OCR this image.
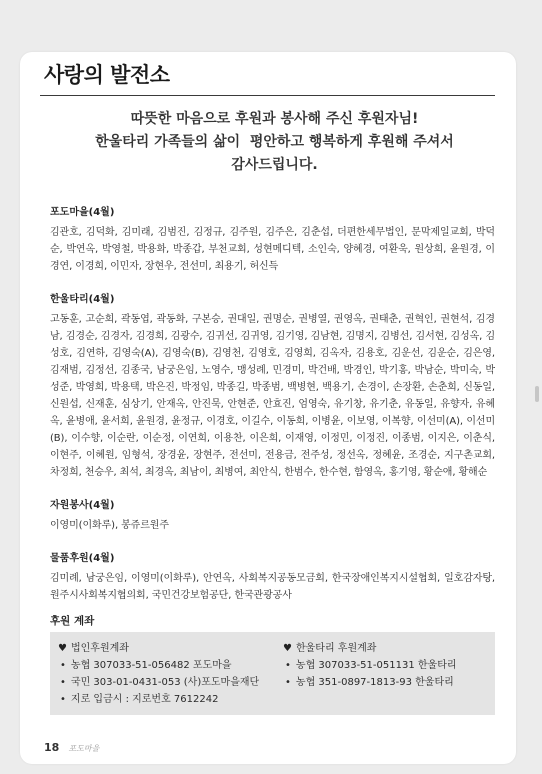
사랑의 발전소
따뜻한 마음으로 후원과 봉사해 주신 후원자님!
한울타리 가족들의 삶이  평안하고 행복하게 후원해 주셔서
감사드립니다.
포도마을(4월)

김관호, 김덕화, 김미래, 김범진, 김정규, 김주원, 김주은, 김춘섭, 더편한세무법인, 문막제일교회, 박덕순, 박연옥, 박영철, 박용화, 박종갑, 부천교회, 성현메디텍, 소인숙, 양혜경, 여환욱, 원상희, 윤원경, 이경연, 이경희, 이민자, 장현우, 전선미, 최용기, 허신득

한울타리(4월)

고동훈, 고순희, 곽동엽, 곽동화, 구본승, 권대일, 권명순, 권병열, 권영옥, 권태춘, 권혁인, 권현석, 김경남, 김경순, 김경자, 김경희, 김광수, 김귀선, 김귀영, 김기영, 김남현, 김명지, 김병선, 김서현, 김성옥, 김성호, 김연하, 김영숙(A), 김영숙(B), 김영천, 김영호, 김영희, 김옥자, 김용호, 김운선, 김운순, 김은영, 김재범, 김정선, 김종국, 남궁은임, 노영수, 맹성례, 민경미, 박건배, 박경인, 박기홍, 박남순, 박미숙, 박성준, 박영희, 박용택, 박은진, 박정임, 박종길, 박종범, 백병현, 백용기, 손경이, 손장환, 손춘희, 신동일, 신원섭, 신재훈, 심상기, 안재옥, 안진묵, 안현준, 안효진, 엄영숙, 유기창, 유기춘, 유동일, 유향자, 유혜옥, 윤병애, 윤서희, 윤원경, 윤정규, 이경호, 이길수, 이동희, 이병윤, 이보영, 이복향, 이선미(A), 이선미(B), 이수향, 이순란, 이순정, 이연희, 이용찬, 이은희, 이재영, 이정민, 이정진, 이종범, 이지은, 이춘식, 이현주, 이혜원, 임형석, 장경윤, 장현주, 전선미, 전용금, 전주성, 정선옥, 정혜윤, 조경순, 지구촌교회, 차정희, 천승우, 최석, 최경옥, 최남이, 최병여, 최안식, 한범수, 한수현, 함영옥, 홍기영, 황순애, 황해순

자원봉사(4월)

이영미(이화루), 봉쥬르원주

물품후원(4월)

김미례, 남궁은임, 이영미(이화루), 안연옥, 사회복지공동모금회, 한국장애인복지시설협회, 일호감자탕, 원주시사회복지협의회, 국민건강보험공단, 한국관광공사

후원 계좌
♥법인후원계좌
• 농협 307033-51-056482 포도마을
• 국민 303-01-0431-053 (사)포도마을재단
• 지로 입금시 : 지로번호 7612242
♥한울타리 후원계좌
• 농협 307033-51-051131 한울타리
• 농협 351-0897-1813-93 한울타리
18 포도마을
